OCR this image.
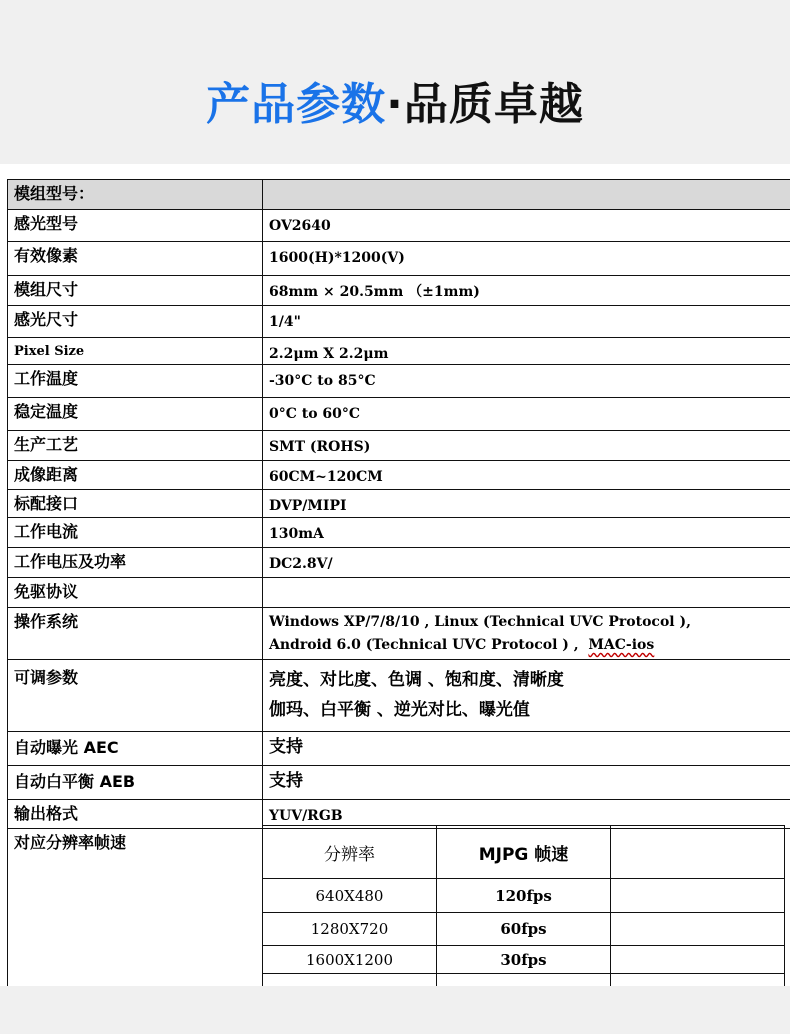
产品参数·品质卓越
模组型号：	
感光型号	OV2640
有效像素	1600(H)*1200(V)
模组尺寸	68mm × 20.5mm （±1mm)
感光尺寸	1/4"
Pixel Size	2.2μm X 2.2μm
工作温度	-30°C to 85°C
稳定温度	0°C to 60°C
生产工艺	SMT (ROHS)
成像距离	60CM~120CM
标配接口	DVP/MIPI
工作电流	130mA
工作电压及功率	DC2.8V/
免驱协议	
操作系统	Windows XP/7/8/10 , Linux (Technical UVC Protocol ),
Android 6.0 (Technical UVC Protocol ) , MAC-ios

可调参数	亮度、对比度、色调 、饱和度、清晰度
伽玛、白平衡 、逆光对比、曝光值

自动曝光 AEC	支持
自动白平衡 AEB	支持
输出格式	YUV/RGB
对应分辨率帧速	
分辨率	MJPG 帧速	
640X480	120fps	
1280X720	60fps	
1600X1200	30fps	
